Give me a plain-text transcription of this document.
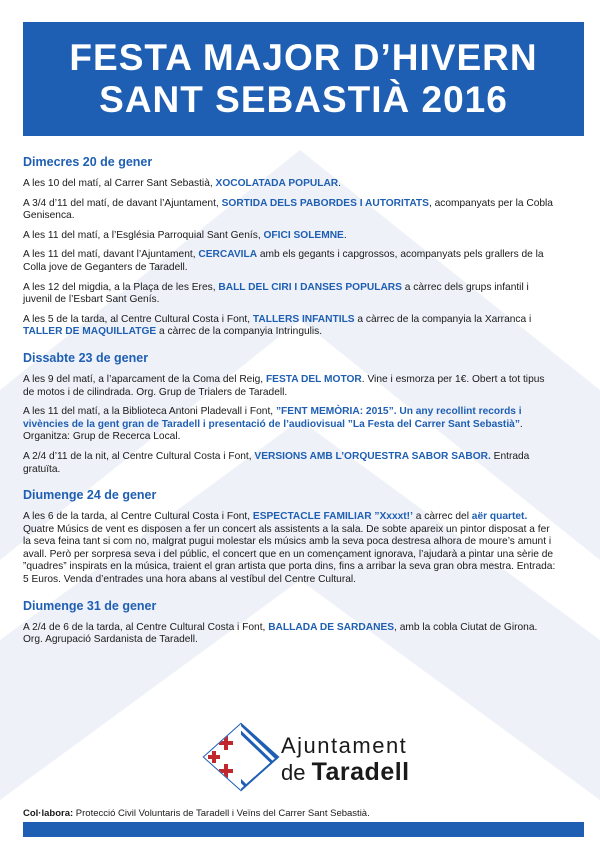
FESTA MAJOR D’HIVERN
SANT SEBASTIÀ 2016
Dimecres 20 de gener
A les 10 del matí, al Carrer Sant Sebastià, XOCOLATADA POPULAR.
A 3/4 d’11 del matí, de davant l’Ajuntament, SORTIDA DELS PABORDES I AUTORITATS, acompanyats per la Cobla Genisenca.
A les 11 del matí, a l’Església Parroquial Sant Genís, OFICI SOLEMNE.
A les 11 del matí, davant l’Ajuntament, CERCAVILA amb els gegants i capgrossos, acompanyats pels grallers de la Colla jove de Geganters de Taradell.
A les 12 del migdia, a la Plaça de les Eres, BALL DEL CIRI I DANSES POPULARS a càrrec dels grups infantil i juvenil de l’Esbart Sant Genís.
A les 5 de la tarda, al Centre Cultural Costa i Font, TALLERS INFANTILS a càrrec de la companyia la Xarranca i TALLER DE MAQUILLATGE a càrrec de la companyia Intringulis.
Dissabte 23 de gener
A les 9 del matí, a l’aparcament de la Coma del Reig, FESTA DEL MOTOR. Vine i esmorza per 1€. Obert a tot tipus de motos i de cilindrada. Org. Grup de Trialers de Taradell.
A les 11 del matí, a la Biblioteca Antoni Pladevall i Font, ”FENT MEMÒRIA: 2015”. Un any recollint records i vivències de la gent gran de Taradell i presentació de l’audiovisual ”La Festa del Carrer Sant Sebastià”. Organitza: Grup de Recerca Local.
A 2/4 d’11 de la nit, al Centre Cultural Costa i Font, VERSIONS AMB L’ORQUESTRA SABOR SABOR. Entrada gratuïta.
Diumenge 24 de gener
A les 6 de la tarda, al Centre Cultural Costa i Font, ESPECTACLE FAMILIAR ”Xxxxt!’ a càrrec del aër quartet. Quatre Músics de vent es disposen a fer un concert als assistents a la sala. De sobte apareix un pintor disposat a fer la seva feina tant si com no, malgrat pugui molestar els músics amb la seva poca destresa alhora de moure’s amunt i avall. Però per sorpresa seva i del públic, el concert que en un començament ignorava, l’ajudarà a pintar una sèrie de ”quadres” inspirats en la música, traient el gran artista que porta dins, fins a arribar la seva gran obra mestra. Entrada: 5 Euros. Venda d’entrades una hora abans al vestíbul del Centre Cultural.
Diumenge 31 de gener
A 2/4 de 6 de la tarda, al Centre Cultural Costa i Font, BALLADA DE SARDANES, amb la cobla Ciutat de Girona. Org. Agrupació Sardanista de Taradell.
Ajuntament
de Taradell
Col·labora: Protecció Civil Voluntaris de Taradell i Veïns del Carrer Sant Sebastià.
